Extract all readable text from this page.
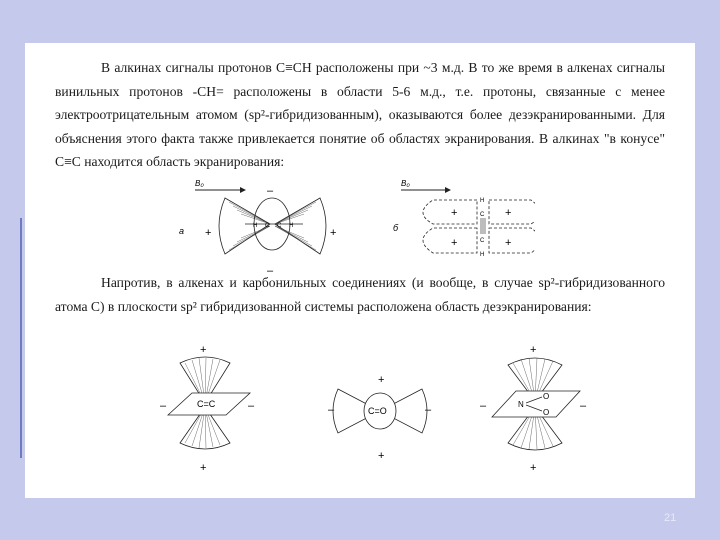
В алкинах сигналы протонов С≡СН расположены при ~3 м.д. В то же время в алкенах сигналы винильных протонов -СН= расположены в области 5-6 м.д., т.е. протоны, связанные с менее электроотрицательным атомом (sp²-гибридизованным), оказываются более дезэкранированными. Для объяснения этого факта также привлекается понятие об областях экранирования. В алкинах "в конусе" С≡С находится область экранирования:

B₀
а +	+
–
–
H C C H
B₀
б
+
+
+
+
H
C
C
H

Напротив, в алкенах и карбонильных соединениях (и вообще, в случае sp²-гибридизованного атома С) в плоскости sp² гибридизованной системы расположена область дезэкранирования:

+
+
–	–
C=C
+
+
–	–
C=O
+
+
–	–
N
O
O
21
